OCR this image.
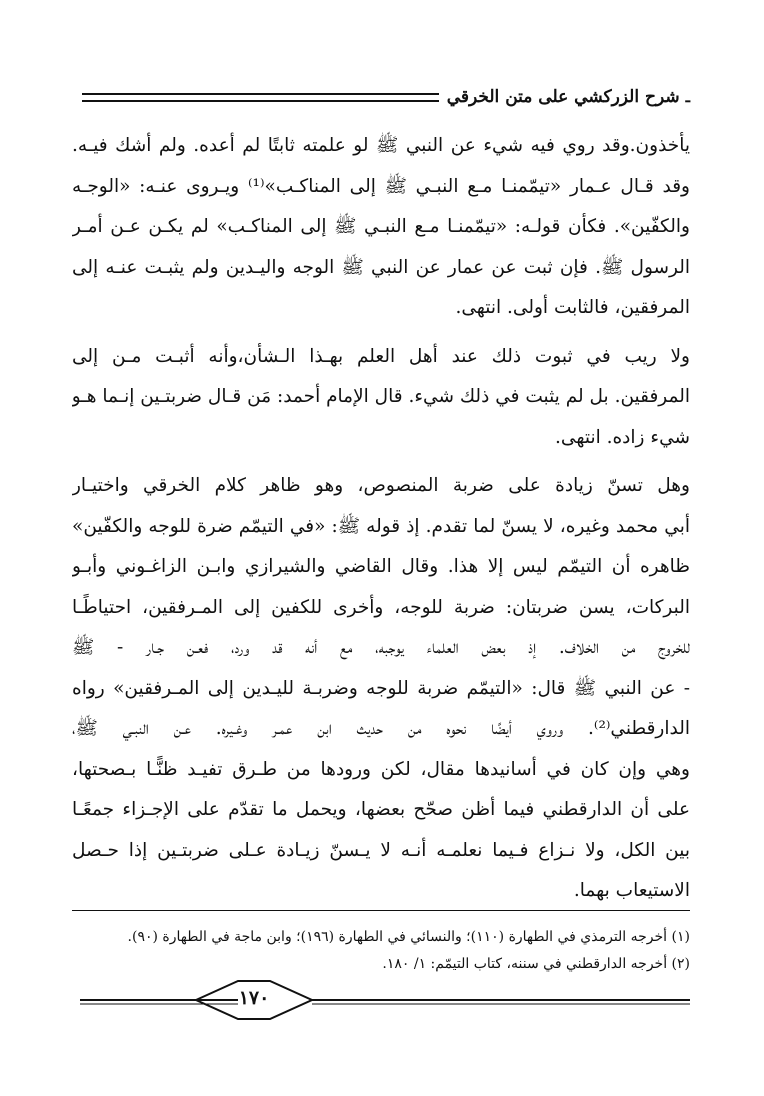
ـ
شرح الزركشي على متن الخرقي
يأخذون.وقد روي فيه شيء عن النبي ﷺ لو علمته ثابتًا لم أعده. ولم أشك فيـه.
وقد قـال عـمار «تيمّمنـا مـع النبـي ﷺ إلى المناكـب»⁽¹⁾ ويـروى عنـه: «الوجـه
والكفّين». فكأن قولـه: «تيمّمنـا مـع النبـي ﷺ إلى المناكـب» لم يكـن عـن أمـر
الرسول ﷺ. فإن ثبت عن عمار عن النبي ﷺ الوجه واليـدين ولم يثبـت عنـه إلى
المرفقين، فالثابت أولى. انتهى.
ولا ريب في ثبوت ذلك عند أهل العلم بهـذا الـشأن،وأنه أثبـت مـن إلى
المرفقين. بل لم يثبت في ذلك شيء. قال الإمام أحمد: مَن قـال ضربتـين إنـما هـو
شيء زاده. انتهى.
وهل تسنّ زيادة على ضربة المنصوص، وهو ظاهر كلام الخرقي واختيـار
أبي محمد وغيره، لا يسنّ لما تقدم. إذ قوله ﷺ: «في التيمّم ضرة للوجه والكفّين»
ظاهره أن التيمّم ليس إلا هذا. وقال القاضي والشيرازي وابـن الزاغـوني وأبـو
البركات، يسن ضربتان: ضربة للوجه، وأخرى للكفين إلى المـرفقين، احتياطًـا
للخروج من الخلاف. إذ بعض العلماء يوجبه، مع أنه قد ورد، فعـن جـار - ﷺ
- عن النبي ﷺ قال: «التيمّم ضربة للوجه وضربـة لليـدين إلى المـرفقين» رواه
الدارقطني⁽²⁾. وروي أيضًا نحوه من حديث ابن عمـر وغـيره. عـن النبـي ﷺ،
وهي وإن كان في أسانيدها مقال، لكن ورودها من طـرق تفيـد ظنًّـا بـصحتها،
على أن الدارقطني فيما أظن صحّح بعضها، ويحمل ما تقدّم على الإجـزاء جمعًـا
بين الكل، ولا نـزاع فـيما نعلمـه أنـه لا يـسنّ زيـادة عـلى ضربتـين إذا حـصل
الاستيعاب بهما.
(١) أخرجه الترمذي في الطهارة (١١٠)؛ والنسائي في الطهارة (١٩٦)؛ وابن ماجة في الطهارة (٩٠).
(٢) أخرجه الدارقطني في سننه، كتاب التيمّم: ١/ ١٨٠.
١٧٠
